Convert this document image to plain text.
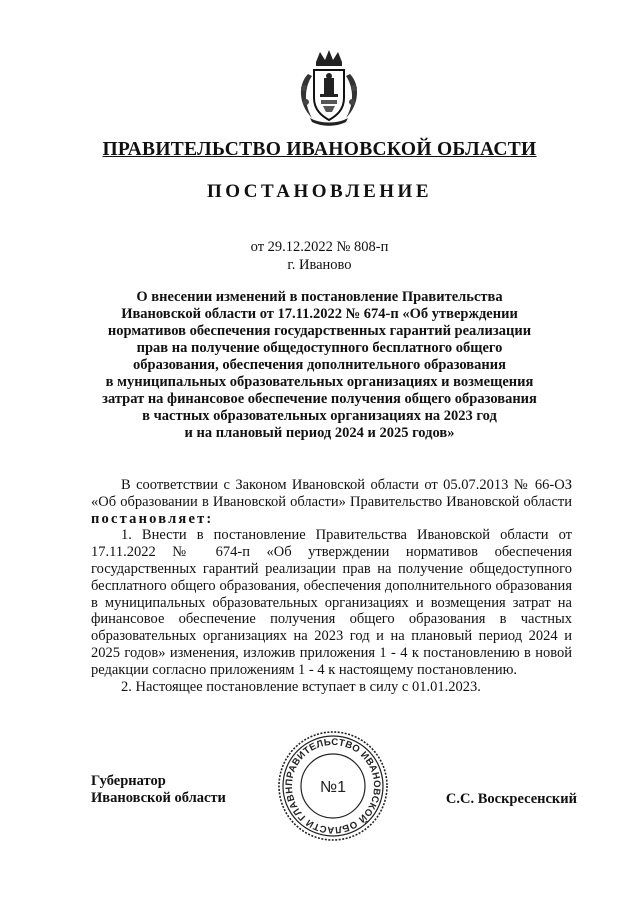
ПРАВИТЕЛЬСТВО ИВАНОВСКОЙ ОБЛАСТИ
ПОСТАНОВЛЕНИЕ
от 29.12.2022 № 808-п
г. Иваново
О внесении изменений в постановление Правительства
Ивановской области от 17.11.2022 № 674-п «Об утверждении
нормативов обеспечения государственных гарантий реализации
прав на получение общедоступного бесплатного общего
образования, обеспечения дополнительного образования
в муниципальных образовательных организациях и возмещения
затрат на финансовое обеспечение получения общего образования
в частных образовательных организациях на 2023 год
и на плановый период 2024 и 2025 годов»

В соответствии с Законом Ивановской области от 05.07.2013 № 66-ОЗ «Об образовании в Ивановской области» Правительство Ивановской области постановляет:

1. Внести в постановление Правительства Ивановской области от 17.11.2022 № 674-п «Об утверждении нормативов обеспечения государственных гарантий реализации прав на получение общедоступного бесплатного общего образования, обеспечения дополнительного образования в муниципальных образовательных организациях и возмещения затрат на финансовое обеспечение получения общего образования в частных образовательных организациях на 2023 год и на плановый период 2024 и 2025 годов» изменения, изложив приложения 1 - 4 к постановлению в новой редакции согласно приложениям 1 - 4 к настоящему постановлению.

2. Настоящее постановление вступает в силу с 01.01.2023.

Губернатор
Ивановской области	С.С. Воскресенский
ПРАВИТЕЛЬСТВО ИВАНОВСКОЙ ОБЛАСТИ ГЛАВН	№1
